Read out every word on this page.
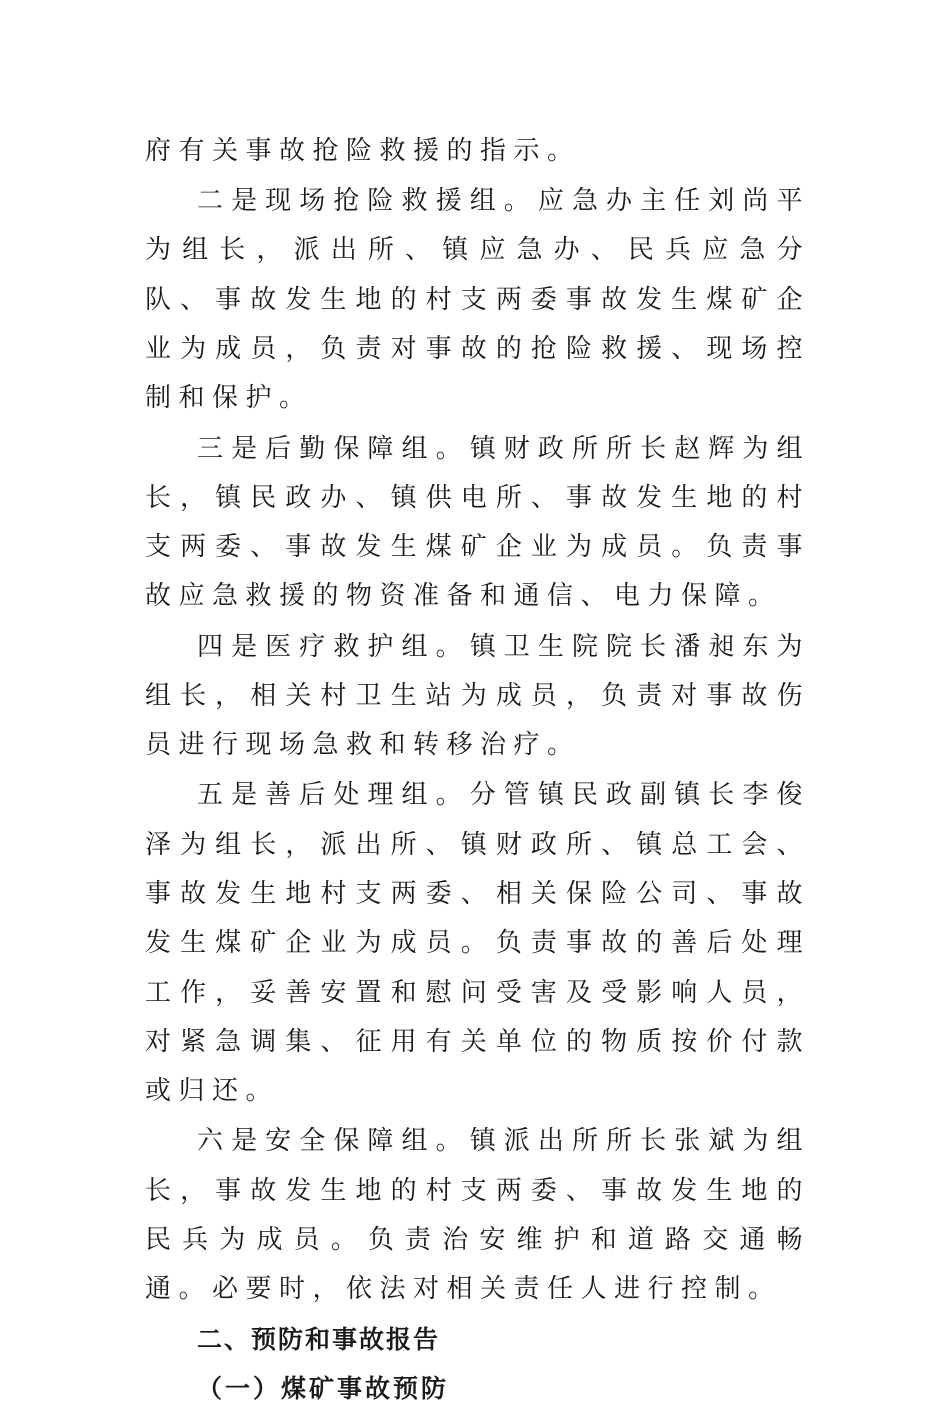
府有关事故抢险救援的指示。

二是现场抢险救援组。应急办主任刘尚平为组长，派出所、镇应急办、民兵应急分队、事故发生地的村支两委事故发生煤矿企业为成员，负责对事故的抢险救援、现场控制和保护。

三是后勤保障组。镇财政所所长赵辉为组长，镇民政办、镇供电所、事故发生地的村支两委、事故发生煤矿企业为成员。负责事故应急救援的物资准备和通信、电力保障。

四是医疗救护组。镇卫生院院长潘昶东为组长，相关村卫生站为成员，负责对事故伤员进行现场急救和转移治疗。

五是善后处理组。分管镇民政副镇长李俊泽为组长，派出所、镇财政所、镇总工会、事故发生地村支两委、相关保险公司、事故发生煤矿企业为成员。负责事故的善后处理工作，妥善安置和慰问受害及受影响人员，对紧急调集、征用有关单位的物质按价付款或归还。

六是安全保障组。镇派出所所长张斌为组长，事故发生地的村支两委、事故发生地的民兵为成员。负责治安维护和道路交通畅通。必要时，依法对相关责任人进行控制。

二、预防和事故报告
（一）煤矿事故预防
